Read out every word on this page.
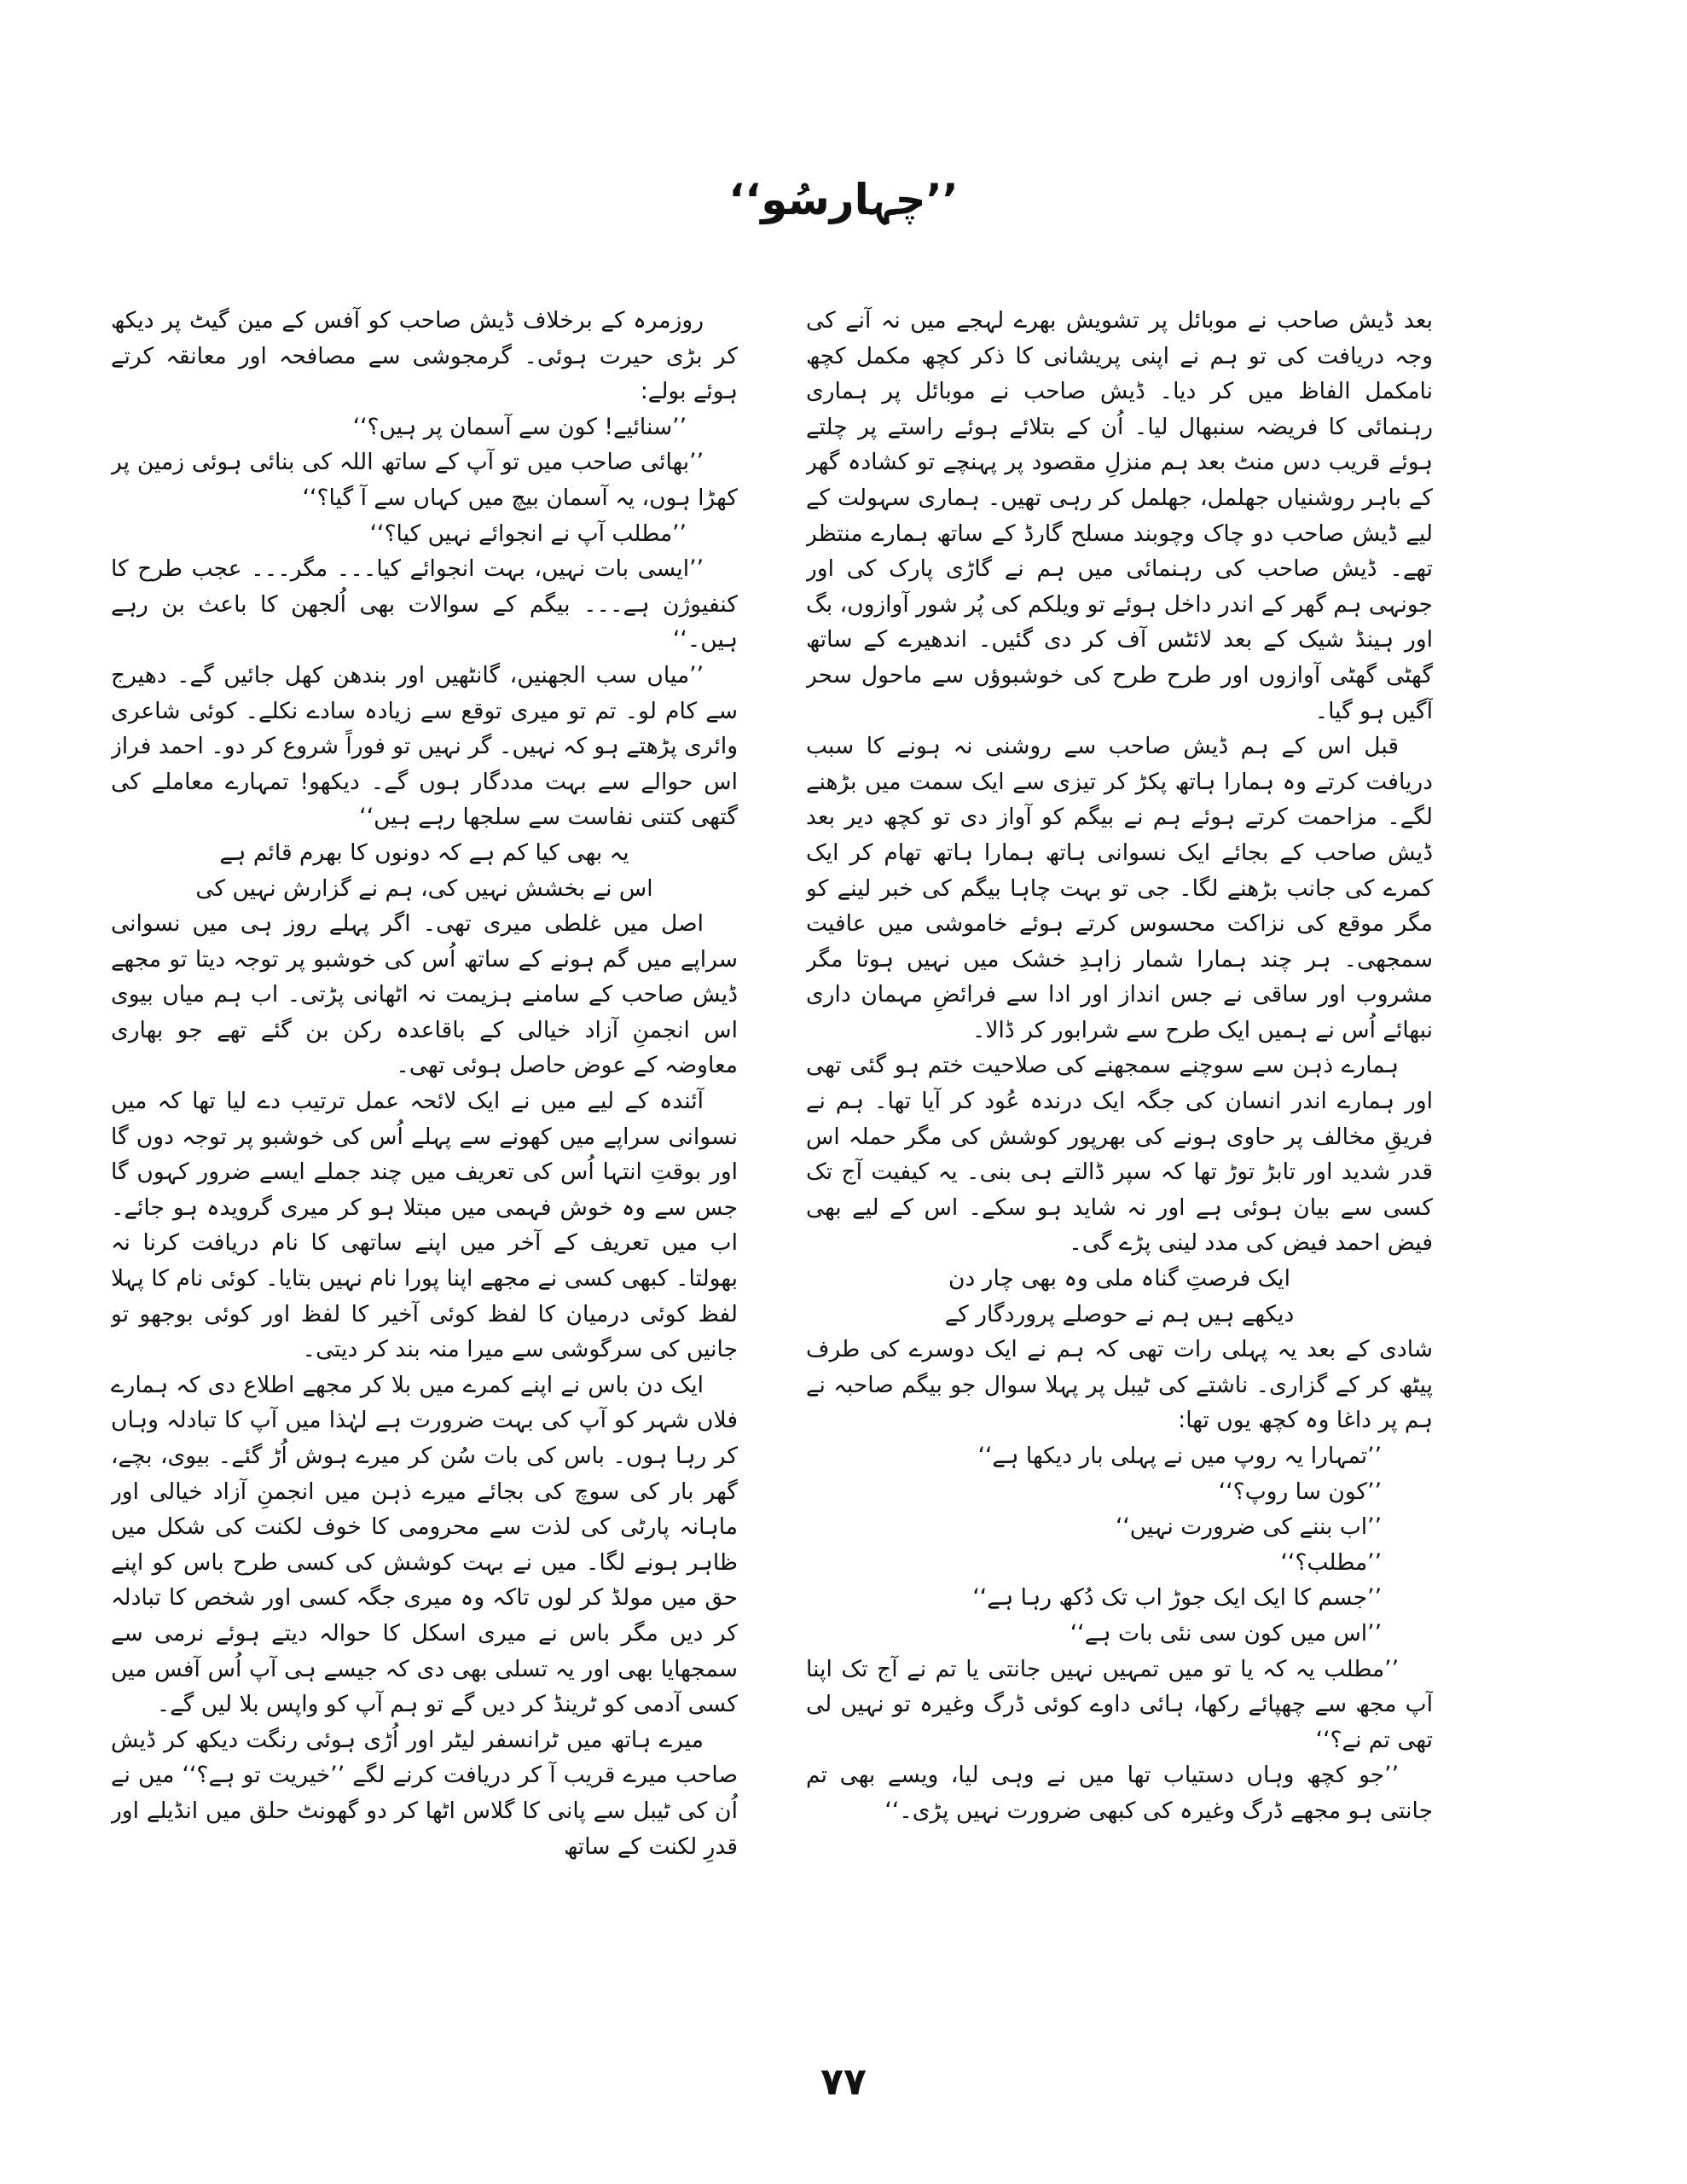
’’چہارسُو‘‘

بعد ڈیش صاحب نے موبائل پر تشویش بھرے لہجے میں نہ آنے کی وجہ دریافت کی تو ہم نے اپنی پریشانی کا ذکر کچھ مکمل کچھ نامکمل الفاظ میں کر دیا۔ ڈیش صاحب نے موبائل پر ہماری رہنمائی کا فریضہ سنبھال لیا۔ اُن کے بتلائے ہوئے راستے پر چلتے ہوئے قریب دس منٹ بعد ہم منزلِ مقصود پر پہنچے تو کشادہ گھر کے باہر روشنیاں جھلمل، جھلمل کر رہی تھیں۔ ہماری سہولت کے لیے ڈیش صاحب دو چاک وچوبند مسلح گارڈ کے ساتھ ہمارے منتظر تھے۔ ڈیش صاحب کی رہنمائی میں ہم نے گاڑی پارک کی اور جونہی ہم گھر کے اندر داخل ہوئے تو ویلکم کی پُر شور آوازوں، بگ اور ہینڈ شیک کے بعد لائٹس آف کر دی گئیں۔ اندھیرے کے ساتھ گھٹی گھٹی آوازوں اور طرح طرح کی خوشبوؤں سے ماحول سحر آگیں ہو گیا۔

قبل اس کے ہم ڈیش صاحب سے روشنی نہ ہونے کا سبب دریافت کرتے وہ ہمارا ہاتھ پکڑ کر تیزی سے ایک سمت میں بڑھنے لگے۔ مزاحمت کرتے ہوئے ہم نے بیگم کو آواز دی تو کچھ دیر بعد ڈیش صاحب کے بجائے ایک نسوانی ہاتھ ہمارا ہاتھ تھام کر ایک کمرے کی جانب بڑھنے لگا۔ جی تو بہت چاہا بیگم کی خبر لینے کو مگر موقع کی نزاکت محسوس کرتے ہوئے خاموشی میں عافیت سمجھی۔ ہر چند ہمارا شمار زاہدِ خشک میں نہیں ہوتا مگر مشروب اور ساقی نے جس انداز اور ادا سے فرائضِ مہمان داری نبھائے اُس نے ہمیں ایک طرح سے شرابور کر ڈالا۔

ہمارے ذہن سے سوچنے سمجھنے کی صلاحیت ختم ہو گئی تھی اور ہمارے اندر انسان کی جگہ ایک درندہ عُود کر آیا تھا۔ ہم نے فریقِ مخالف پر حاوی ہونے کی بھرپور کوشش کی مگر حملہ اس قدر شدید اور تابڑ توڑ تھا کہ سپر ڈالتے ہی بنی۔ یہ کیفیت آج تک کسی سے بیان ہوئی ہے اور نہ شاید ہو سکے۔ اس کے لیے بھی فیض احمد فیض کی مدد لینی پڑے گی۔

ایک فرصتِ گناہ ملی وہ بھی چار دن

دیکھے ہیں ہم نے حوصلے پروردگار کے

شادی کے بعد یہ پہلی رات تھی کہ ہم نے ایک دوسرے کی طرف پیٹھ کر کے گزاری۔ ناشتے کی ٹیبل پر پہلا سوال جو بیگم صاحبہ نے ہم پر داغا وہ کچھ یوں تھا:

’’تمہارا یہ روپ میں نے پہلی بار دیکھا ہے‘‘

’’کون سا روپ؟‘‘

’’اب بننے کی ضرورت نہیں‘‘

’’مطلب؟‘‘

’’جسم کا ایک ایک جوڑ اب تک دُکھ رہا ہے‘‘

’’اس میں کون سی نئی بات ہے‘‘

’’مطلب یہ کہ یا تو میں تمہیں نہیں جانتی یا تم نے آج تک اپنا آپ مجھ سے چھپائے رکھا، ہائی داوے کوئی ڈرگ وغیرہ تو نہیں لی تھی تم نے؟‘‘

’’جو کچھ وہاں دستیاب تھا میں نے وہی لیا، ویسے بھی تم جانتی ہو مجھے ڈرگ وغیرہ کی کبھی ضرورت نہیں پڑی۔‘‘

روزمرہ کے برخلاف ڈیش صاحب کو آفس کے مین گیٹ پر دیکھ کر بڑی حیرت ہوئی۔ گرمجوشی سے مصافحہ اور معانقہ کرتے ہوئے بولے:

’’سنائیے! کون سے آسمان پر ہیں؟‘‘

’’بھائی صاحب میں تو آپ کے ساتھ اللہ کی بنائی ہوئی زمین پر کھڑا ہوں، یہ آسمان بیچ میں کہاں سے آ گیا؟‘‘

’’مطلب آپ نے انجوائے نہیں کیا؟‘‘

’’ایسی بات نہیں، بہت انجوائے کیا۔۔۔ مگر۔۔۔ عجب طرح کا کنفیوژن ہے۔۔۔ بیگم کے سوالات بھی اُلجھن کا باعث بن رہے ہیں۔‘‘

’’میاں سب الجھنیں، گانٹھیں اور بندھن کھل جائیں گے۔ دھیرج سے کام لو۔ تم تو میری توقع سے زیادہ سادے نکلے۔ کوئی شاعری وائری پڑھتے ہو کہ نہیں۔ گر نہیں تو فوراً شروع کر دو۔ احمد فراز اس حوالے سے بہت مددگار ہوں گے۔ دیکھو! تمہارے معاملے کی گتھی کتنی نفاست سے سلجھا رہے ہیں‘‘

یہ بھی کیا کم ہے کہ دونوں کا بھرم قائم ہے

اس نے بخشش نہیں کی، ہم نے گزارش نہیں کی

اصل میں غلطی میری تھی۔ اگر پہلے روز ہی میں نسوانی سراپے میں گم ہونے کے ساتھ اُس کی خوشبو پر توجہ دیتا تو مجھے ڈیش صاحب کے سامنے ہزیمت نہ اٹھانی پڑتی۔ اب ہم میاں بیوی اس انجمنِ آزاد خیالی کے باقاعدہ رکن بن گئے تھے جو بھاری معاوضہ کے عوض حاصل ہوئی تھی۔

آئندہ کے لیے میں نے ایک لائحہ عمل ترتیب دے لیا تھا کہ میں نسوانی سراپے میں کھونے سے پہلے اُس کی خوشبو پر توجہ دوں گا اور بوقتِ انتہا اُس کی تعریف میں چند جملے ایسے ضرور کہوں گا جس سے وہ خوش فہمی میں مبتلا ہو کر میری گرویدہ ہو جائے۔ اب میں تعریف کے آخر میں اپنے ساتھی کا نام دریافت کرنا نہ بھولتا۔ کبھی کسی نے مجھے اپنا پورا نام نہیں بتایا۔ کوئی نام کا پہلا لفظ کوئی درمیان کا لفظ کوئی آخیر کا لفظ اور کوئی بوجھو تو جانیں کی سرگوشی سے میرا منہ بند کر دیتی۔

ایک دن باس نے اپنے کمرے میں بلا کر مجھے اطلاع دی کہ ہمارے فلاں شہر کو آپ کی بہت ضرورت ہے لہٰذا میں آپ کا تبادلہ وہاں کر رہا ہوں۔ باس کی بات سُن کر میرے ہوش اُڑ گئے۔ بیوی، بچے، گھر بار کی سوچ کی بجائے میرے ذہن میں انجمنِ آزاد خیالی اور ماہانہ پارٹی کی لذت سے محرومی کا خوف لکنت کی شکل میں ظاہر ہونے لگا۔ میں نے بہت کوشش کی کسی طرح باس کو اپنے حق میں مولڈ کر لوں تاکہ وہ میری جگہ کسی اور شخص کا تبادلہ کر دیں مگر باس نے میری اسکل کا حوالہ دیتے ہوئے نرمی سے سمجھایا بھی اور یہ تسلی بھی دی کہ جیسے ہی آپ اُس آفس میں کسی آدمی کو ٹرینڈ کر دیں گے تو ہم آپ کو واپس بلا لیں گے۔

میرے ہاتھ میں ٹرانسفر لیٹر اور اُڑی ہوئی رنگت دیکھ کر ڈیش صاحب میرے قریب آ کر دریافت کرنے لگے ’’خیریت تو ہے؟‘‘ میں نے اُن کی ٹیبل سے پانی کا گلاس اٹھا کر دو گھونٹ حلق میں انڈیلے اور قدرِ لکنت کے ساتھ

۷۷
